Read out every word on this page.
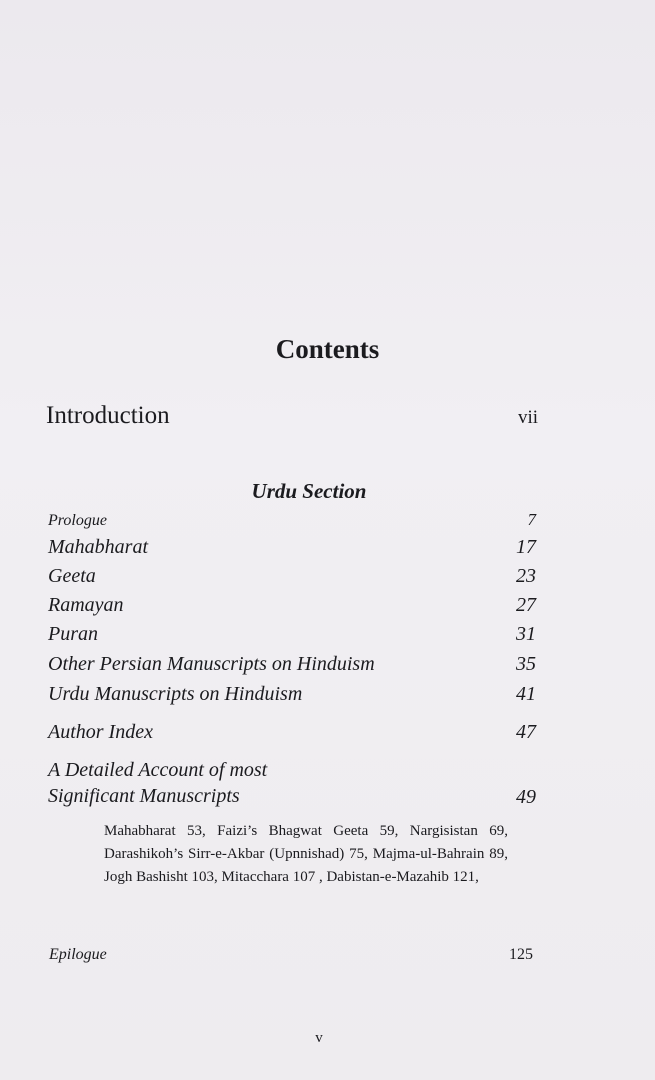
Contents
Introduction	vii
Urdu Section
Prologue	7
Mahabharat	17
Geeta	23
Ramayan	27
Puran	31
Other Persian Manuscripts on Hinduism	35
Urdu Manuscripts on Hinduism	41
Author Index	47
A Detailed Account of most
Significant Manuscripts	49
Mahabharat 53, Faizi’s Bhagwat Geeta 59, Nargisistan 69, Darashikoh’s Sirr-e-Akbar (Upnnishad) 75, Majma-ul-Bahrain 89, Jogh Bashisht 103, Mitacchara 107 , Dabistan-e-Mazahib 121,
Epilogue	125
v
